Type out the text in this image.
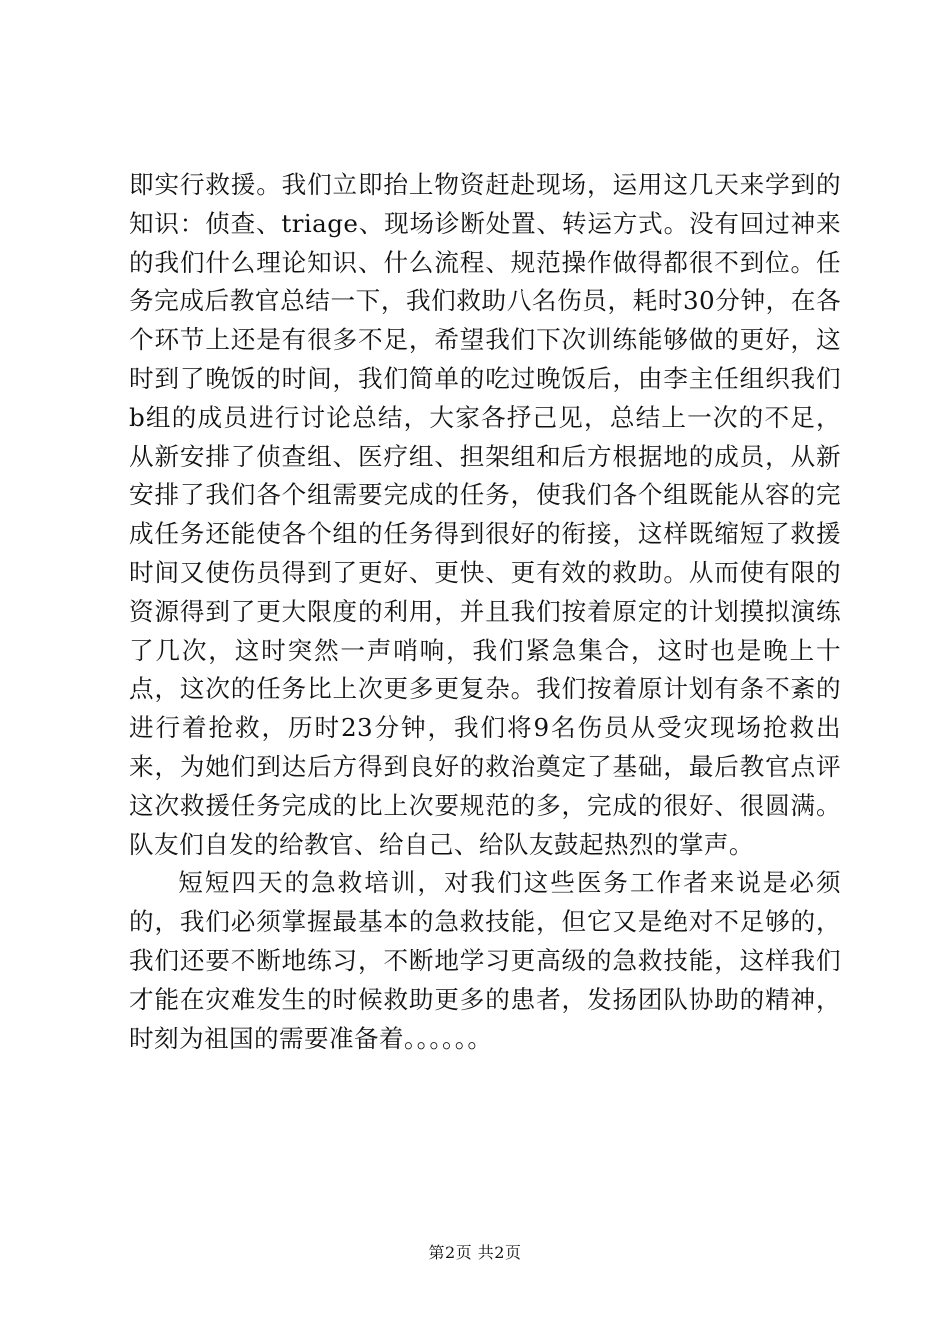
即实行救援。我们立即抬上物资赶赴现场，运用这几天来学到的知识：侦查、triage、现场诊断处置、转运方式。没有回过神来的我们什么理论知识、什么流程、规范操作做得都很不到位。任务完成后教官总结一下，我们救助八名伤员，耗时30分钟，在各个环节上还是有很多不足，希望我们下次训练能够做的更好，这时到了晚饭的时间，我们简单的吃过晚饭后，由李主任组织我们b组的成员进行讨论总结，大家各抒己见，总结上一次的不足，从新安排了侦查组、医疗组、担架组和后方根据地的成员，从新安排了我们各个组需要完成的任务，使我们各个组既能从容的完成任务还能使各个组的任务得到很好的衔接，这样既缩短了救援时间又使伤员得到了更好、更快、更有效的救助。从而使有限的资源得到了更大限度的利用，并且我们按着原定的计划摸拟演练了几次，这时突然一声哨响，我们紧急集合，这时也是晚上十点，这次的任务比上次更多更复杂。我们按着原计划有条不紊的进行着抢救，历时23分钟，我们将9名伤员从受灾现场抢救出来，为她们到达后方得到良好的救治奠定了基础，最后教官点评这次救援任务完成的比上次要规范的多，完成的很好、很圆满。队友们自发的给教官、给自己、给队友鼓起热烈的掌声。

短短四天的急救培训，对我们这些医务工作者来说是必须的，我们必须掌握最基本的急救技能，但它又是绝对不足够的，我们还要不断地练习，不断地学习更高级的急救技能，这样我们才能在灾难发生的时候救助更多的患者，发扬团队协助的精神，时刻为祖国的需要准备着。。。。。。

第2页 共2页
